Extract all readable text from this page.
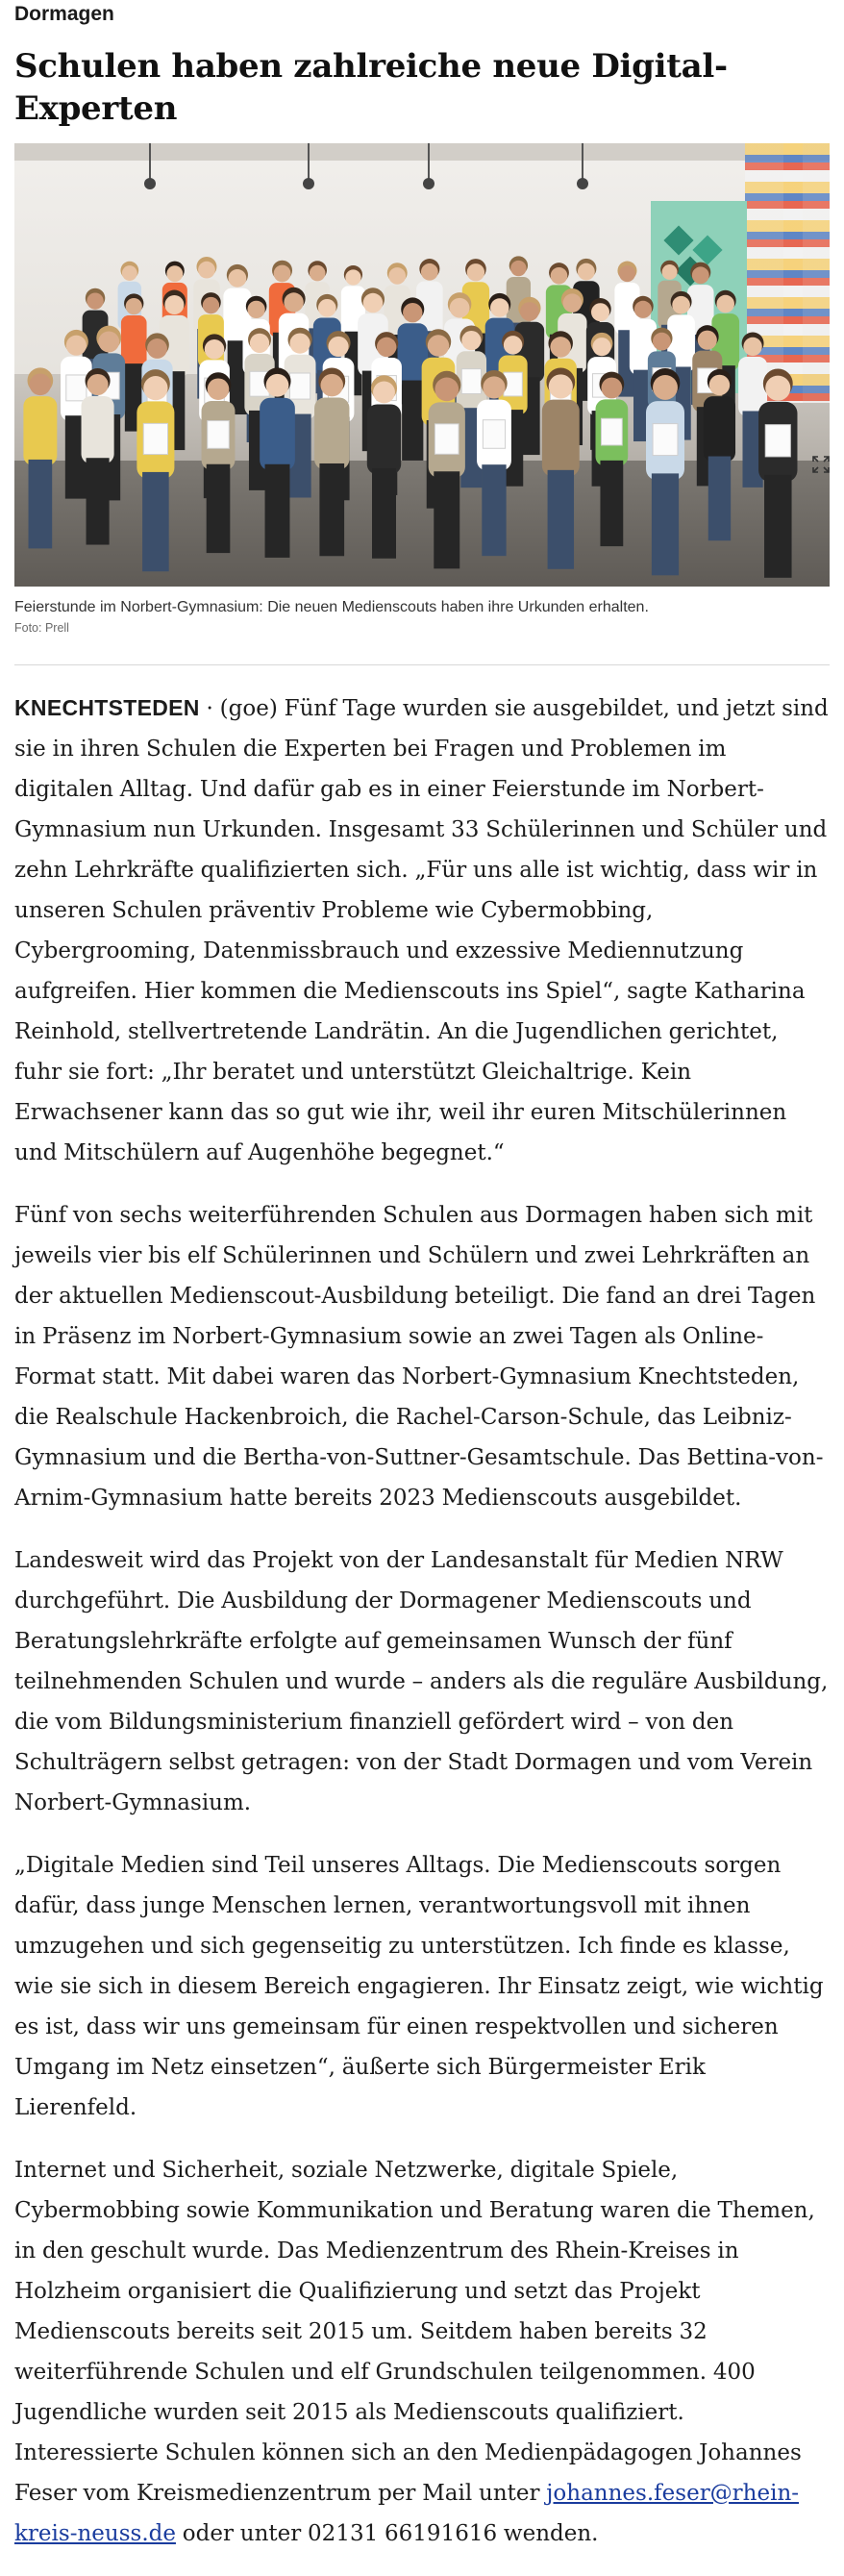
Dormagen
Schulen haben zahlreiche neue Digital-Experten
Feierstunde im Norbert-Gymnasium: Die neuen Medienscouts haben ihre Urkunden erhalten.
Foto: Prell

KNECHTSTEDEN · (goe) Fünf Tage wurden sie ausgebildet, und jetzt sind sie in ihren Schulen die Experten bei Fragen und Problemen im digitalen Alltag. Und dafür gab es in einer Feierstunde im Norbert-Gymnasium nun Urkunden. Insgesamt 33 Schülerinnen und Schüler und zehn Lehrkräfte qualifizierten sich. „Für uns alle ist wichtig, dass wir in unseren Schulen präventiv Probleme wie Cybermobbing, Cybergrooming, Datenmissbrauch und exzessive Mediennutzung aufgreifen. Hier kommen die Medienscouts ins Spiel“, sagte Katharina Reinhold, stellvertretende Landrätin. An die Jugendlichen gerichtet, fuhr sie fort: „Ihr beratet und unterstützt Gleichaltrige. Kein Erwachsener kann das so gut wie ihr, weil ihr euren Mitschülerinnen und Mitschülern auf Augenhöhe begegnet.“

Fünf von sechs weiterführenden Schulen aus Dormagen haben sich mit jeweils vier bis elf Schülerinnen und Schülern und zwei Lehrkräften an der aktuellen Medienscout-Ausbildung beteiligt. Die fand an drei Tagen in Präsenz im Norbert-Gymnasium sowie an zwei Tagen als Online-Format statt. Mit dabei waren das Norbert-Gymnasium Knechtsteden, die Realschule Hackenbroich, die Rachel-Carson-Schule, das Leibniz-Gymnasium und die Bertha-von-Suttner-Gesamtschule. Das Bettina-von-Arnim-Gymnasium hatte bereits 2023 Medienscouts ausgebildet.

Landesweit wird das Projekt von der Landesanstalt für Medien NRW durchgeführt. Die Ausbildung der Dormagener Medienscouts und Beratungslehrkräfte erfolgte auf gemeinsamen Wunsch der fünf teilnehmenden Schulen und wurde – anders als die reguläre Ausbildung, die vom Bildungsministerium finanziell gefördert wird – von den Schulträgern selbst getragen: von der Stadt Dormagen und vom Verein Norbert-Gymnasium.

„Digitale Medien sind Teil unseres Alltags. Die Medienscouts sorgen dafür, dass junge Menschen lernen, verantwortungsvoll mit ihnen umzugehen und sich gegenseitig zu unterstützen. Ich finde es klasse, wie sie sich in diesem Bereich engagieren. Ihr Einsatz zeigt, wie wichtig es ist, dass wir uns gemeinsam für einen respektvollen und sicheren Umgang im Netz einsetzen“, äußerte sich Bürgermeister Erik Lierenfeld.

Internet und Sicherheit, soziale Netzwerke, digitale Spiele, Cybermobbing sowie Kommunikation und Beratung waren die Themen, in den geschult wurde. Das Medienzentrum des Rhein-Kreises in Holzheim organisiert die Qualifizierung und setzt das Projekt Medienscouts bereits seit 2015 um. Seitdem haben bereits 32 weiterführende Schulen und elf Grundschulen teilgenommen. 400 Jugendliche wurden seit 2015 als Medienscouts qualifiziert. Interessierte Schulen können sich an den Medienpädagogen Johannes Feser vom Kreismedienzentrum per Mail unter johannes.feser@rhein-kreis-neuss.de oder unter 02131 66191616 wenden.
